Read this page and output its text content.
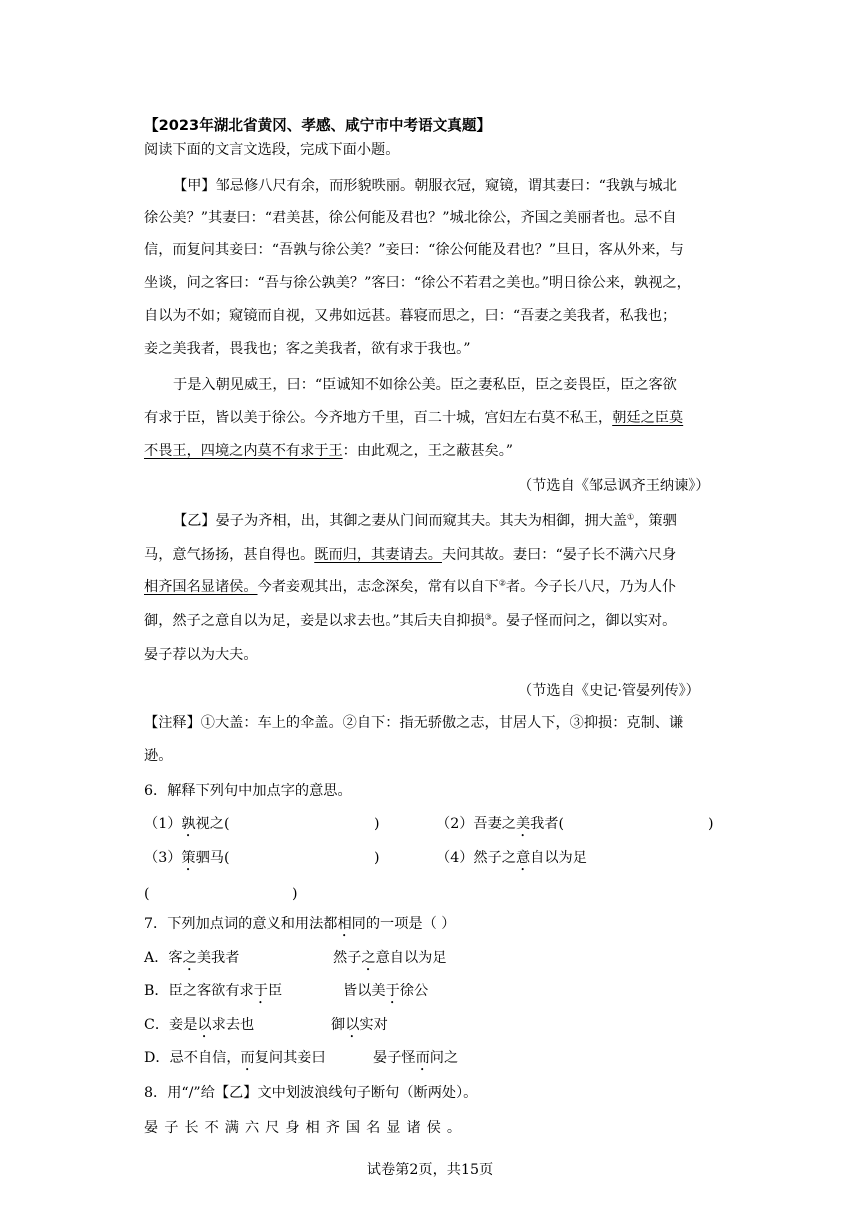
【2023年湖北省黄冈、孝感、咸宁市中考语文真题】
阅读下面的文言文选段，完成下面小题。
【甲】邹忌修八尺有余，而形貌昳丽。朝服衣冠，窥镜，谓其妻曰：“我孰与城北
徐公美？”其妻曰：“君美甚，徐公何能及君也？”城北徐公，齐国之美丽者也。忌不自
信，而复问其妾曰：“吾孰与徐公美？”妾曰：“徐公何能及君也？”旦日，客从外来，与
坐谈，问之客曰：“吾与徐公孰美？”客曰：“徐公不若君之美也。”明日徐公来，孰视之，
自以为不如；窥镜而自视，又弗如远甚。暮寝而思之，曰：“吾妻之美我者，私我也；
妾之美我者，畏我也；客之美我者，欲有求于我也。”
于是入朝见威王，曰：“臣诚知不如徐公美。臣之妻私臣，臣之妾畏臣，臣之客欲
有求于臣，皆以美于徐公。今齐地方千里，百二十城，宫妇左右莫不私王，朝廷之臣莫
不畏王，四境之内莫不有求于王：由此观之，王之蔽甚矣。”
（节选自《邹忌讽齐王纳谏》）
【乙】晏子为齐相，出，其御之妻从门间而窥其夫。其夫为相御，拥大盖①，策驷
马，意气扬扬，甚自得也。既而归，其妻请去。夫问其故。妻曰：“晏子长不满六尺身
相齐国名显诸侯。今者妾观其出，志念深矣，常有以自下②者。今子长八尺，乃为人仆
御，然子之意自以为足，妾是以求去也。”其后夫自抑损③。晏子怪而问之，御以实对。
晏子荐以为大夫。
（节选自《史记·管晏列传》）
【注释】①大盖：车上的伞盖。②自下：指无骄傲之志，甘居人下，③抑损：克制、谦
逊。
6．解释下列句中加点字的意思。
（1）孰视之(	)	（2）吾妻之美我者(	)
（3）策驷马(	)	（4）然子之意自以为足
(	)
7．下列加点词的意义和用法都相同的一项是（ ）
A．客之美我者	然子之意自以为足
B．臣之客欲有求于臣	皆以美于徐公
C．妾是以求去也	御以实对
D．忌不自信，而复问其妾曰	晏子怪而问之
8．用“/”给【乙】文中划波浪线句子断句（断两处）。
晏子长不满六尺身相齐国名显诸侯。
试卷第2页，共15页
